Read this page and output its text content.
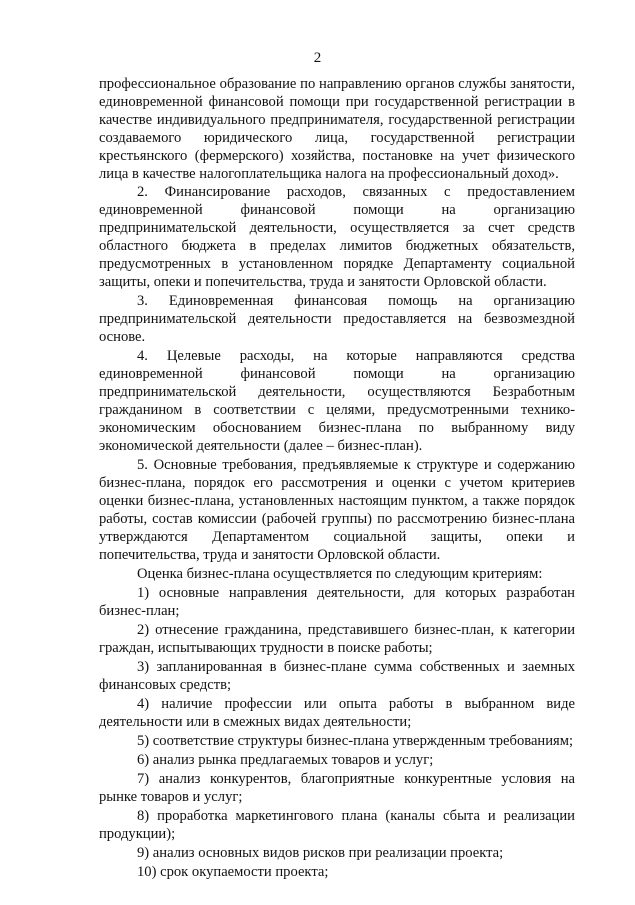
2

профессиональное образование по направлению органов службы занятости, единовременной финансовой помощи при государственной регистрации в качестве индивидуального предпринимателя, государственной регистрации создаваемого юридического лица, государственной регистрации крестьянского (фермерского) хозяйства, постановке на учет физического лица в качестве налогоплательщика налога на профессиональный доход».

2. Финансирование расходов, связанных с предоставлением единовременной финансовой помощи на организацию предпринимательской деятельности, осуществляется за счет средств областного бюджета в пределах лимитов бюджетных обязательств, предусмотренных в установленном порядке Департаменту социальной защиты, опеки и попечительства, труда и занятости Орловской области.

3. Единовременная финансовая помощь на организацию предпринимательской деятельности предоставляется на безвозмездной основе.

4. Целевые расходы, на которые направляются средства единовременной финансовой помощи на организацию предпринимательской деятельности, осуществляются Безработным гражданином в соответствии с целями, предусмотренными технико-экономическим обоснованием бизнес-плана по выбранному виду экономической деятельности (далее – бизнес-план).

5. Основные требования, предъявляемые к структуре и содержанию бизнес-плана, порядок его рассмотрения и оценки с учетом критериев оценки бизнес-плана, установленных настоящим пунктом, а также порядок работы, состав комиссии (рабочей группы) по рассмотрению бизнес-плана утверждаются Департаментом социальной защиты, опеки и попечительства, труда и занятости Орловской области.

Оценка бизнес-плана осуществляется по следующим критериям:

1) основные направления деятельности, для которых разработан бизнес-план;

2) отнесение гражданина, представившего бизнес-план, к категории граждан, испытывающих трудности в поиске работы;

3) запланированная в бизнес-плане сумма собственных и заемных финансовых средств;

4) наличие профессии или опыта работы в выбранном виде деятельности или в смежных видах деятельности;

5) соответствие структуры бизнес-плана утвержденным требованиям;

6) анализ рынка предлагаемых товаров и услуг;

7) анализ конкурентов, благоприятные конкурентные условия на рынке товаров и услуг;

8) проработка маркетингового плана (каналы сбыта и реализации продукции);

9) анализ основных видов рисков при реализации проекта;

10) срок окупаемости проекта;
